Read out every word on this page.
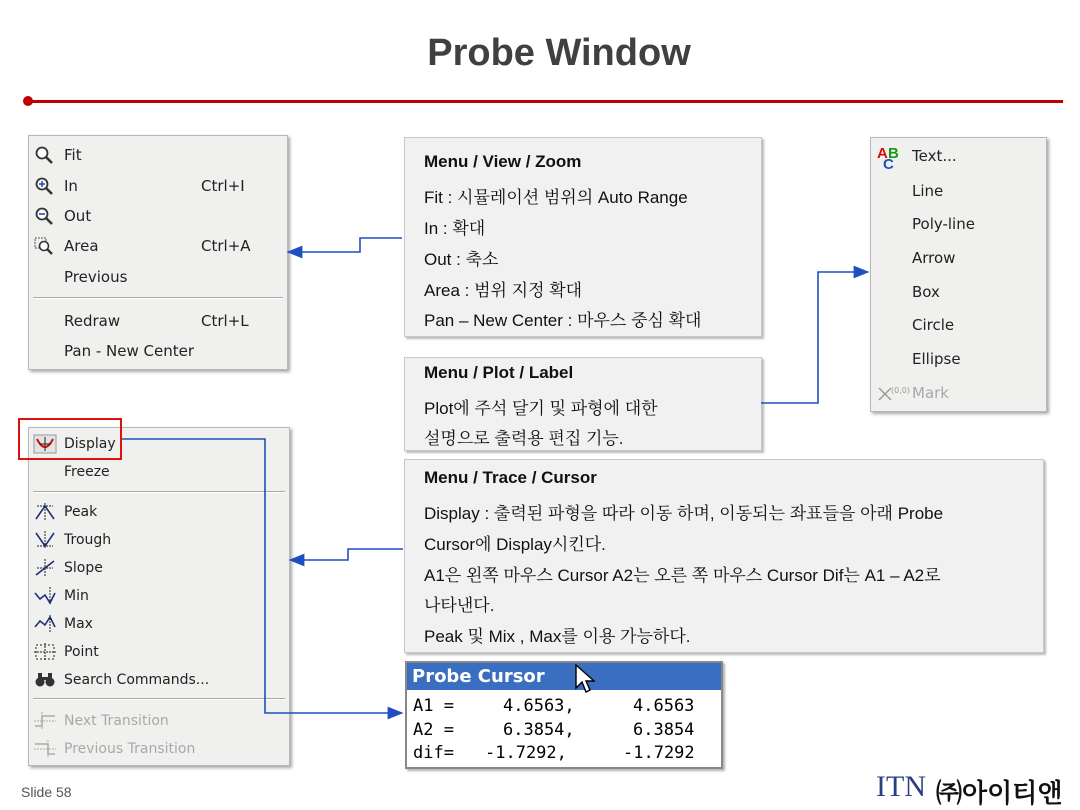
Probe Window
Fit
In	Ctrl+I
Out
Area	Ctrl+A
Previous
Redraw	Ctrl+L
Pan - New Center
Menu / View / Zoom
Fit : 시뮬레이션 범위의 Auto Range
In : 확대
Out : 축소
Area : 범위 지정 확대
Pan – New Center : 마우스 중심 확대
A B
C Text...
Line
Poly-line
Arrow
Box
Circle
Ellipse
(0,0) Mark
Menu / Plot / Label
Plot에 주석 달기 및 파형에 대한
설명으로 출력용 편집 기능.
Display
Freeze
Peak
Trough
Slope
Min
Max
Point
Search Commands...
Next Transition
Previous Transition
Menu / Trace / Cursor
Display : 출력된 파형을 따라 이동 하며, 이동되는 좌표들을 아래 Probe
Cursor에 Display시킨다.
A1은 왼쪽 마우스 Cursor A2는 오른 쪽 마우스 Cursor Dif는 A1 – A2로
나타낸다.
Peak 및 Mix , Max를 이용 가능하다.
Probe Cursor
A1 =	4.6563,	4.6563
A2 =	6.3854,	6.3854
dif= -1.7292,	-1.7292
Slide 58	ITN ㈜아이티앤
